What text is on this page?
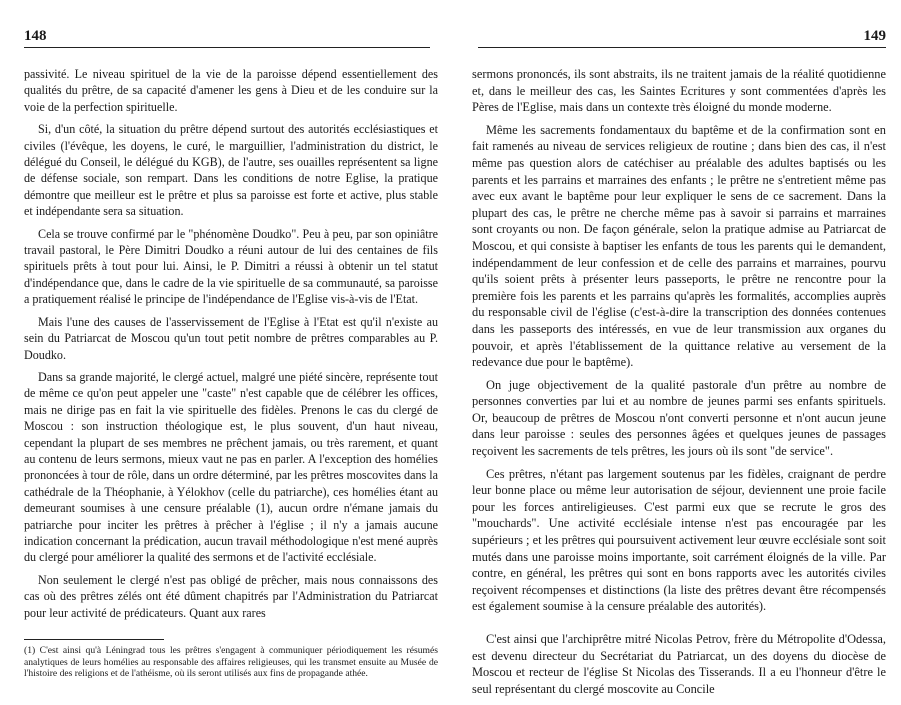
148

passivité. Le niveau spirituel de la vie de la paroisse dépend essentiellement des qualités du prêtre, de sa capacité d'amener les gens à Dieu et de les conduire sur la voie de la perfection spirituelle.

Si, d'un côté, la situation du prêtre dépend surtout des autorités ecclésiastiques et civiles (l'évêque, les doyens, le curé, le marguillier, l'administration du district, le délégué du Conseil, le délégué du KGB), de l'autre, ses ouailles représentent sa ligne de défense sociale, son rempart. Dans les conditions de notre Eglise, la pratique démontre que meilleur est le prêtre et plus sa paroisse est forte et active, plus stable et indépendante sera sa situation.

Cela se trouve confirmé par le "phénomène Doudko". Peu à peu, par son opiniâtre travail pastoral, le Père Dimitri Doudko a réuni autour de lui des centaines de fils spirituels prêts à tout pour lui. Ainsi, le P. Dimitri a réussi à obtenir un tel statut d'indépendance que, dans le cadre de la vie spirituelle de sa communauté, sa paroisse a pratiquement réalisé le principe de l'indépendance de l'Eglise vis-à-vis de l'Etat.

Mais l'une des causes de l'asservissement de l'Eglise à l'Etat est qu'il n'existe au sein du Patriarcat de Moscou qu'un tout petit nombre de prêtres comparables au P. Doudko.

Dans sa grande majorité, le clergé actuel, malgré une piété sincère, représente tout de même ce qu'on peut appeler une "caste" n'est capable que de célébrer les offices, mais ne dirige pas en fait la vie spirituelle des fidèles. Prenons le cas du clergé de Moscou : son instruction théologique est, le plus souvent, d'un haut niveau, cependant la plupart de ses membres ne prêchent jamais, ou très rarement, et quant au contenu de leurs sermons, mieux vaut ne pas en parler. A l'exception des homélies prononcées à tour de rôle, dans un ordre déterminé, par les prêtres moscovites dans la cathédrale de la Théophanie, à Yélokhov (celle du patriarche), ces homélies étant au demeurant soumises à une censure préalable (1), aucun ordre n'émane jamais du patriarche pour inciter les prêtres à prêcher à l'église ; il n'y a jamais aucune indication concernant la prédication, aucun travail méthodologique n'est mené auprès du clergé pour améliorer la qualité des sermons et de l'activité ecclésiale.

Non seulement le clergé n'est pas obligé de prêcher, mais nous connaissons des cas où des prêtres zélés ont été dûment chapitrés par l'Administration du Patriarcat pour leur activité de prédicateurs. Quant aux rares

(1) C'est ainsi qu'à Léningrad tous les prêtres s'engagent à communiquer périodiquement les résumés analytiques de leurs homélies au responsable des affaires religieuses, qui les transmet ensuite au Musée de l'histoire des religions et de l'athéisme, où ils seront utilisés aux fins de propagande athée.

149

sermons prononcés, ils sont abstraits, ils ne traitent jamais de la réalité quotidienne et, dans le meilleur des cas, les Saintes Ecritures y sont commentées d'après les Pères de l'Eglise, mais dans un contexte très éloigné du monde moderne.

Même les sacrements fondamentaux du baptême et de la confirmation sont en fait ramenés au niveau de services religieux de routine ; dans bien des cas, il n'est même pas question alors de catéchiser au préalable des adultes baptisés ou les parents et les parrains et marraines des enfants ; le prêtre ne s'entretient même pas avec eux avant le baptême pour leur expliquer le sens de ce sacrement. Dans la plupart des cas, le prêtre ne cherche même pas à savoir si parrains et marraines sont croyants ou non. De façon générale, selon la pratique admise au Patriarcat de Moscou, et qui consiste à baptiser les enfants de tous les parents qui le demandent, indépendamment de leur confession et de celle des parrains et marraines, pourvu qu'ils soient prêts à présenter leurs passeports, le prêtre ne rencontre pour la première fois les parents et les parrains qu'après les formalités, accomplies auprès du responsable civil de l'église (c'est-à-dire la transcription des données contenues dans les passeports des intéressés, en vue de leur transmission aux organes du pouvoir, et après l'établissement de la quittance relative au versement de la redevance due pour le baptême).

On juge objectivement de la qualité pastorale d'un prêtre au nombre de personnes converties par lui et au nombre de jeunes parmi ses enfants spirituels. Or, beaucoup de prêtres de Moscou n'ont converti personne et n'ont aucun jeune dans leur paroisse : seules des personnes âgées et quelques jeunes de passages reçoivent les sacrements de tels prêtres, les jours où ils sont "de service".

Ces prêtres, n'étant pas largement soutenus par les fidèles, craignant de perdre leur bonne place ou même leur autorisation de séjour, deviennent une proie facile pour les forces antireligieuses. C'est parmi eux que se recrute le gros des "mouchards". Une activité ecclésiale intense n'est pas encouragée par les supérieurs ; et les prêtres qui poursuivent activement leur œuvre ecclésiale sont soit mutés dans une paroisse moins importante, soit carrément éloignés de la ville. Par contre, en général, les prêtres qui sont en bons rapports avec les autorités civiles reçoivent récompenses et distinctions (la liste des prêtres devant être récompensés est également soumise à la censure préalable des autorités).

C'est ainsi que l'archiprêtre mitré Nicolas Petrov, frère du Métropolite d'Odessa, est devenu directeur du Secrétariat du Patriarcat, un des doyens du diocèse de Moscou et recteur de l'église St Nicolas des Tisserands. Il a eu l'honneur d'être le seul représentant du clergé moscovite au Concile
